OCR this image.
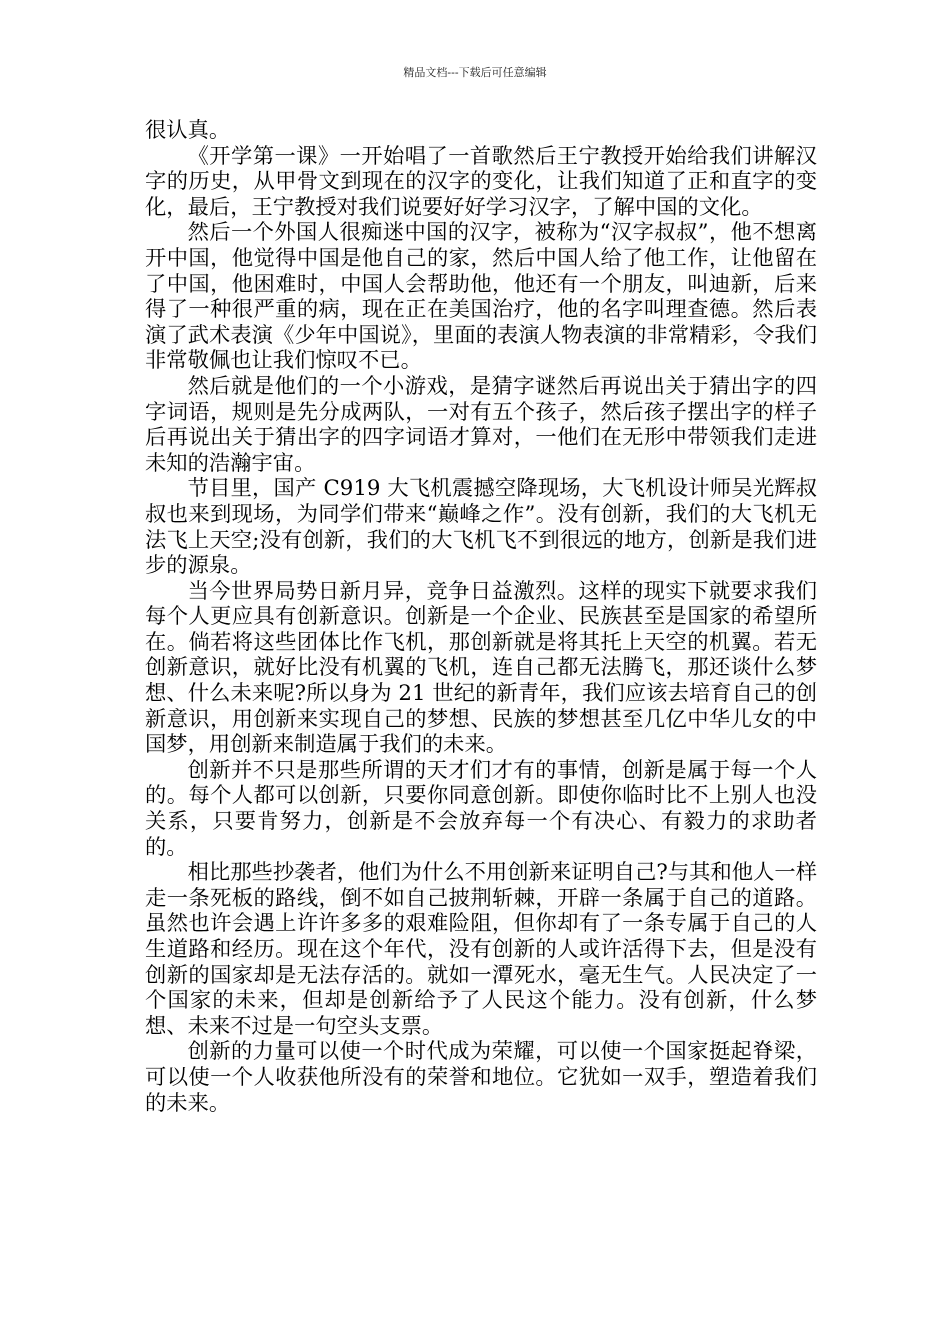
精品文档---下载后可任意编辑

很认真。

《开学第一课》一开始唱了一首歌然后王宁教授开始给我们讲解汉字的历史，从甲骨文到现在的汉字的变化，让我们知道了正和直字的变化，最后，王宁教授对我们说要好好学习汉字，了解中国的文化。

然后一个外国人很痴迷中国的汉字，被称为“汉字叔叔”，他不想离开中国，他觉得中国是他自己的家，然后中国人给了他工作，让他留在了中国，他困难时，中国人会帮助他，他还有一个朋友，叫迪新，后来得了一种很严重的病，现在正在美国治疗，他的名字叫理查德。然后表演了武术表演《少年中国说》，里面的表演人物表演的非常精彩，令我们非常敬佩也让我们惊叹不已。

然后就是他们的一个小游戏，是猜字谜然后再说出关于猜出字的四字词语，规则是先分成两队，一对有五个孩子，然后孩子摆出字的样子后再说出关于猜出字的四字词语才算对，一他们在无形中带领我们走进未知的浩瀚宇宙。

节目里，国产 C919 大飞机震撼空降现场，大飞机设计师吴光辉叔叔也来到现场，为同学们带来“巅峰之作”。没有创新，我们的大飞机无法飞上天空;没有创新，我们的大飞机飞不到很远的地方，创新是我们进步的源泉。

当今世界局势日新月异，竞争日益激烈。这样的现实下就要求我们每个人更应具有创新意识。创新是一个企业、民族甚至是国家的希望所在。倘若将这些团体比作飞机，那创新就是将其托上天空的机翼。若无创新意识，就好比没有机翼的飞机，连自己都无法腾飞，那还谈什么梦想、什么未来呢?所以身为 21 世纪的新青年，我们应该去培育自己的创新意识，用创新来实现自己的梦想、民族的梦想甚至几亿中华儿女的中国梦，用创新来制造属于我们的未来。

创新并不只是那些所谓的天才们才有的事情，创新是属于每一个人的。每个人都可以创新，只要你同意创新。即使你临时比不上别人也没关系，只要肯努力，创新是不会放弃每一个有决心、有毅力的求助者的。

相比那些抄袭者，他们为什么不用创新来证明自己?与其和他人一样走一条死板的路线，倒不如自己披荆斩棘，开辟一条属于自己的道路。虽然也许会遇上许许多多的艰难险阻，但你却有了一条专属于自己的人生道路和经历。现在这个年代，没有创新的人或许活得下去，但是没有创新的国家却是无法存活的。就如一潭死水，毫无生气。人民决定了一个国家的未来，但却是创新给予了人民这个能力。没有创新，什么梦想、未来不过是一句空头支票。

创新的力量可以使一个时代成为荣耀，可以使一个国家挺起脊梁，可以使一个人收获他所没有的荣誉和地位。它犹如一双手，塑造着我们的未来。
